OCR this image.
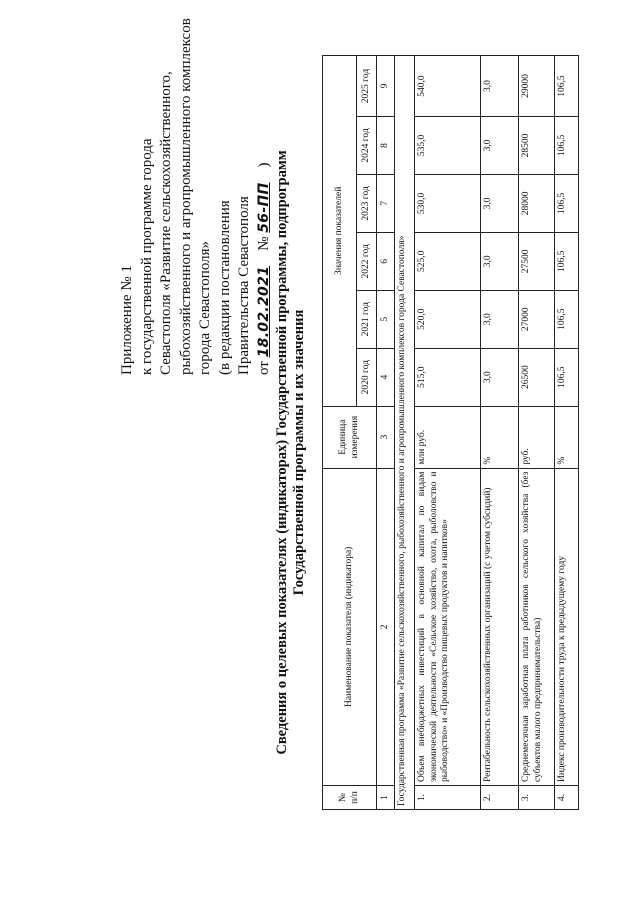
Приложение № 1 к государственной программе города Севастополя «Развитие сельскохозяйственного, рыбохозяйственного и агропромышленного комплексов города Севастополя» (в редакции постановления Правительства Севастополя от 18.02.2021    № 56-ПП    ) Сведения о целевых показателях (индикаторах) Государственной программы, подпрограмм Государственной программы и их значения
№ п/п	Наименование показателя (индикатора)	Единица измерения	Значения показателей					
			2020 год	2021 год	2022 год	2023 год	2024 год	2025 год
1	2	3	4	5	6	7	8	9
Государственная программа «Развитие сельскохозяйственного, рыбохозяйственного и агропромышленного комплексов города Севастополя»								
1.	Объем внебюджетных инвестиций в основной капитал по видам экономической деятельности «Сельское хозяйство, охота, рыболовство и рыбоводство» и «Производство пищевых продуктов и напитков»	млн руб.	515,0	520,0	525,0	530,0	535,0	540,0
2.	Рентабельность сельскохозяйственных организаций (с учетом субсидий)	%	3,0	3,0	3,0	3,0	3,0	3,0
3.	Среднемесячная заработная плата работников сельского хозяйства (без субъектов малого предпринимательства)	руб.	26500	27000	27500	28000	28500	29000
4.	Индекс производительности труда к предыдущему году	%	106,5	106,5	106,5	106,5	106,5	106,5
